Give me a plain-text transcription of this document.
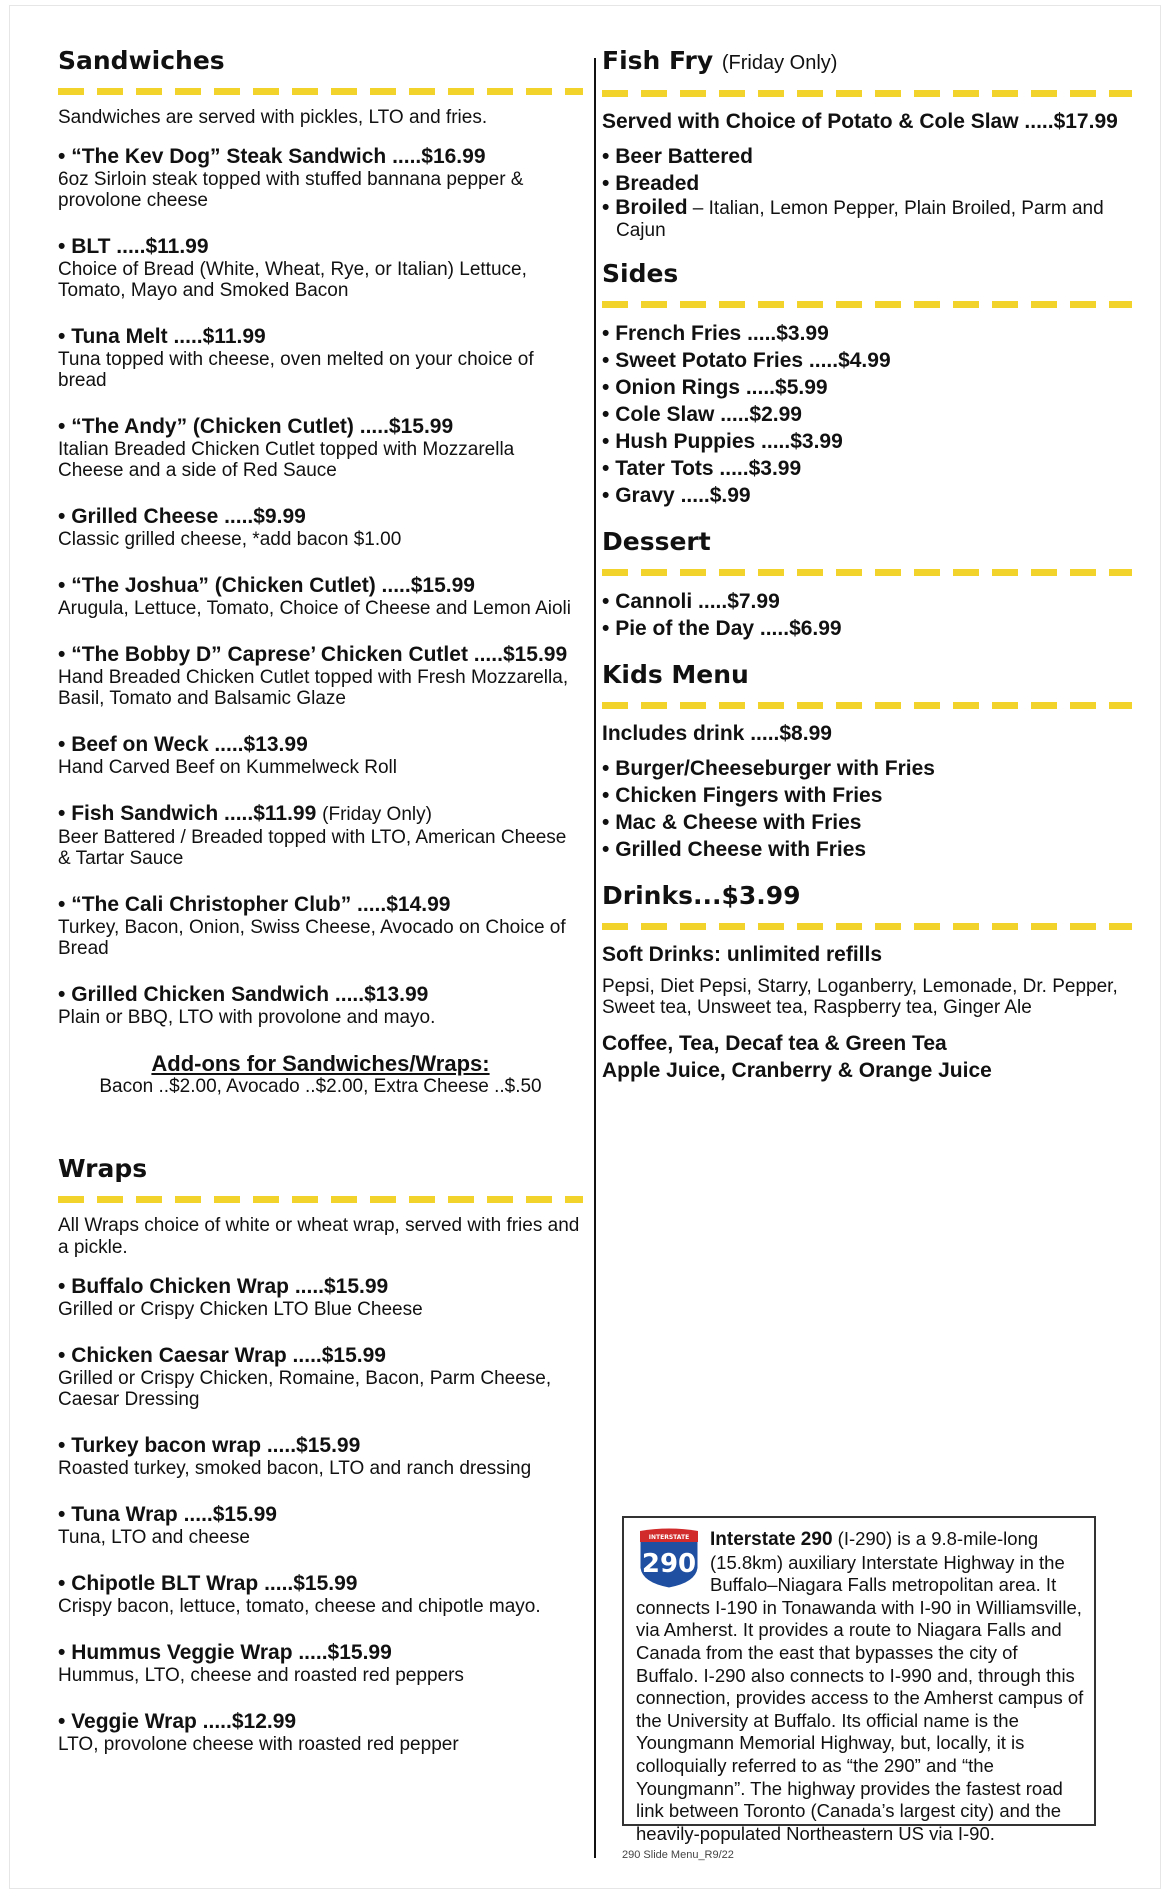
Sandwiches

Sandwiches are served with pickles, LTO and fries.

• “The Kev Dog” Steak Sandwich .....$16.99
6oz Sirloin steak topped with stuffed bannana pepper & provolone cheese
• BLT .....$11.99
Choice of Bread (White, Wheat, Rye, or Italian) Lettuce, Tomato, Mayo and Smoked Bacon
• Tuna Melt .....$11.99
Tuna topped with cheese, oven melted on your choice of bread
• “The Andy” (Chicken Cutlet) .....$15.99
Italian Breaded Chicken Cutlet topped with Mozzarella Cheese and a side of Red Sauce
• Grilled Cheese .....$9.99
Classic grilled cheese, *add bacon $1.00
• “The Joshua” (Chicken Cutlet) .....$15.99
Arugula, Lettuce, Tomato, Choice of Cheese and Lemon Aioli
• “The Bobby D” Caprese’ Chicken Cutlet .....$15.99
Hand Breaded Chicken Cutlet topped with Fresh Mozzarella, Basil, Tomato and Balsamic Glaze
• Beef on Weck .....$13.99
Hand Carved Beef on Kummelweck Roll
• Fish Sandwich .....$11.99 (Friday Only)
Beer Battered / Breaded topped with LTO, American Cheese & Tartar Sauce
• “The Cali Christopher Club” .....$14.99
Turkey, Bacon, Onion, Swiss Cheese, Avocado on Choice of Bread
• Grilled Chicken Sandwich .....$13.99
Plain or BBQ, LTO with provolone and mayo.
Add-ons for Sandwiches/Wraps:
Bacon ..$2.00, Avocado ..$2.00, Extra Cheese ..$.50
Wraps

All Wraps choice of white or wheat wrap, served with fries and a pickle.

• Buffalo Chicken Wrap .....$15.99
Grilled or Crispy Chicken LTO Blue Cheese
• Chicken Caesar Wrap .....$15.99
Grilled or Crispy Chicken, Romaine, Bacon, Parm Cheese, Caesar Dressing
• Turkey bacon wrap .....$15.99
Roasted turkey, smoked bacon, LTO and ranch dressing
• Tuna Wrap .....$15.99
Tuna, LTO and cheese
• Chipotle BLT Wrap .....$15.99
Crispy bacon, lettuce, tomato, cheese and chipotle mayo.
• Hummus Veggie Wrap .....$15.99
Hummus, LTO, cheese and roasted red peppers
• Veggie Wrap .....$12.99
LTO, provolone cheese with roasted red pepper
Fish Fry (Friday Only)
Served with Choice of Potato & Cole Slaw .....$17.99
• Beer Battered
• Breaded
• Broiled – Italian, Lemon Pepper, Plain Broiled, Parm and Cajun
Sides
• French Fries .....$3.99
• Sweet Potato Fries .....$4.99
• Onion Rings .....$5.99
• Cole Slaw .....$2.99
• Hush Puppies .....$3.99
• Tater Tots .....$3.99
• Gravy .....$.99
Dessert
• Cannoli .....$7.99
• Pie of the Day .....$6.99
Kids Menu
Includes drink .....$8.99
• Burger/Cheeseburger with Fries
• Chicken Fingers with Fries
• Mac & Cheese with Fries
• Grilled Cheese with Fries
Drinks...$3.99
Soft Drinks: unlimited refills
Pepsi, Diet Pepsi, Starry, Loganberry, Lemonade, Dr. Pepper, Sweet tea, Unsweet tea, Raspberry tea, Ginger Ale
Coffee, Tea, Decaf tea & Green Tea
Apple Juice, Cranberry & Orange Juice
INTERSTATE
290
Interstate 290 (I-290) is a 9.8-mile-long (15.8km) auxiliary Interstate Highway in the Buffalo–Niagara Falls metropolitan area. It connects I-190 in Tonawanda with I-90 in Williamsville, via Amherst. It provides a route to Niagara Falls and Canada from the east that bypasses the city of Buffalo. I-290 also connects to I-990 and, through this connection, provides access to the Amherst campus of the University at Buffalo. Its official name is the Youngmann Memorial Highway, but, locally, it is colloquially referred to as “the 290” and “the Youngmann”. The highway provides the fastest road link between Toronto (Canada’s largest city) and the heavily-populated Northeastern US via I-90.
290 Slide Menu_R9/22
